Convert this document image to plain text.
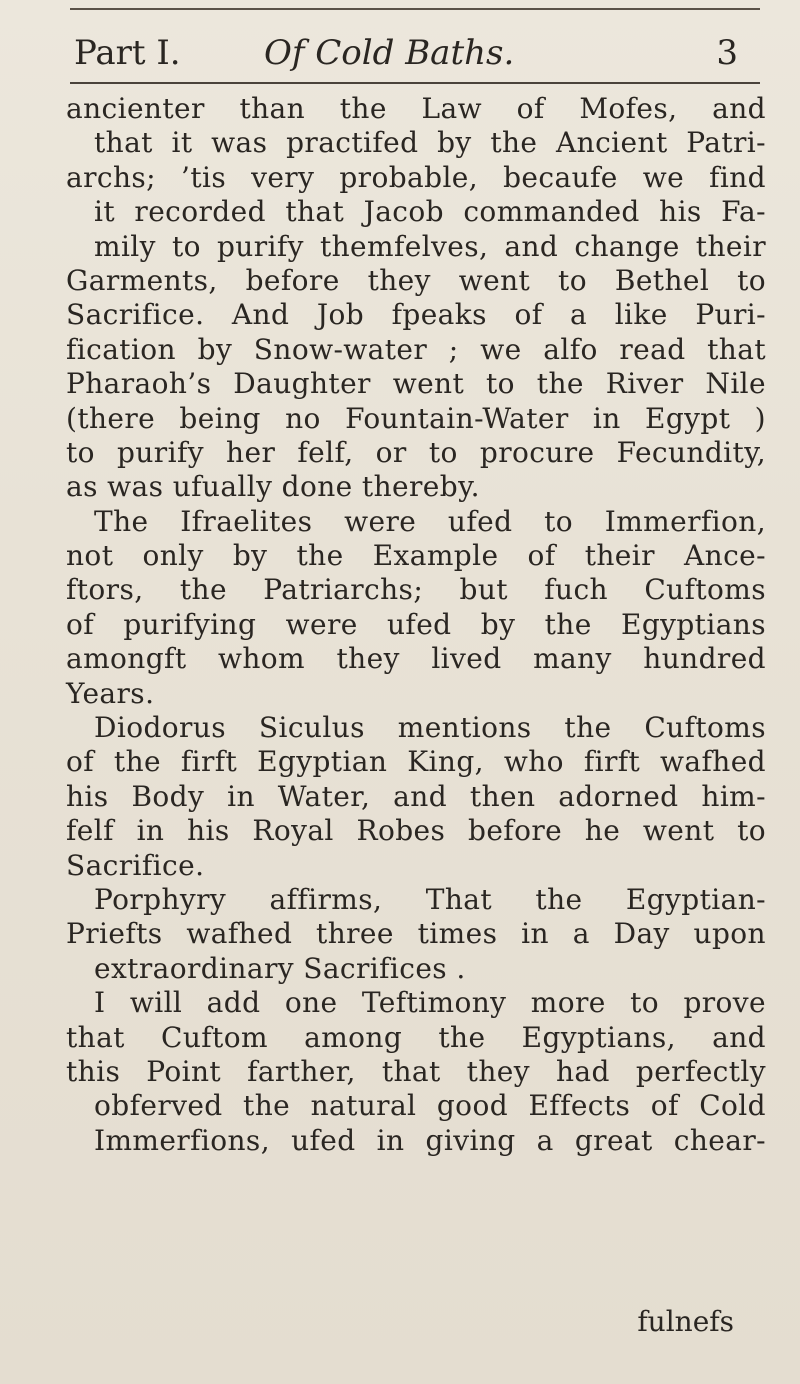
Part I. Of Cold Baths.	3
ancienter than the Law of Mofes, and
that it was practifed by the Ancient Patri-
archs; ’tis very probable, becaufe we find
it recorded that Jacob commanded his Fa-
mily to purify themfelves, and change their
Garments, before they went to Bethel to
Sacrifice. And Job fpeaks of a like Puri-
fication by Snow-water ; we alfo read that
Pharaoh’s Daughter went to the River Nile
(there being no Fountain-Water in Egypt )
to purify her felf, or to procure Fecundity,
as was ufually done thereby.
The Ifraelites were ufed to Immerfion,
not only by the Example of their Ance-
ftors, the Patriarchs; but fuch Cuftoms
of purifying were ufed by the Egyptians
amongft whom they lived many hundred
Years.
Diodorus Siculus mentions the Cuftoms
of the firft Egyptian King, who firft wafhed
his Body in Water, and then adorned him-
felf in his Royal Robes before he went to
Sacrifice.
Porphyry affirms, That the Egyptian-
Priefts wafhed three times in a Day upon
extraordinary Sacrifices .
I will add one Teftimony more to prove
that Cuftom among the Egyptians, and
this Point farther, that they had perfectly
obferved the natural good Effects of Cold
Immerfions, ufed in giving a great chear-
fulnefs
